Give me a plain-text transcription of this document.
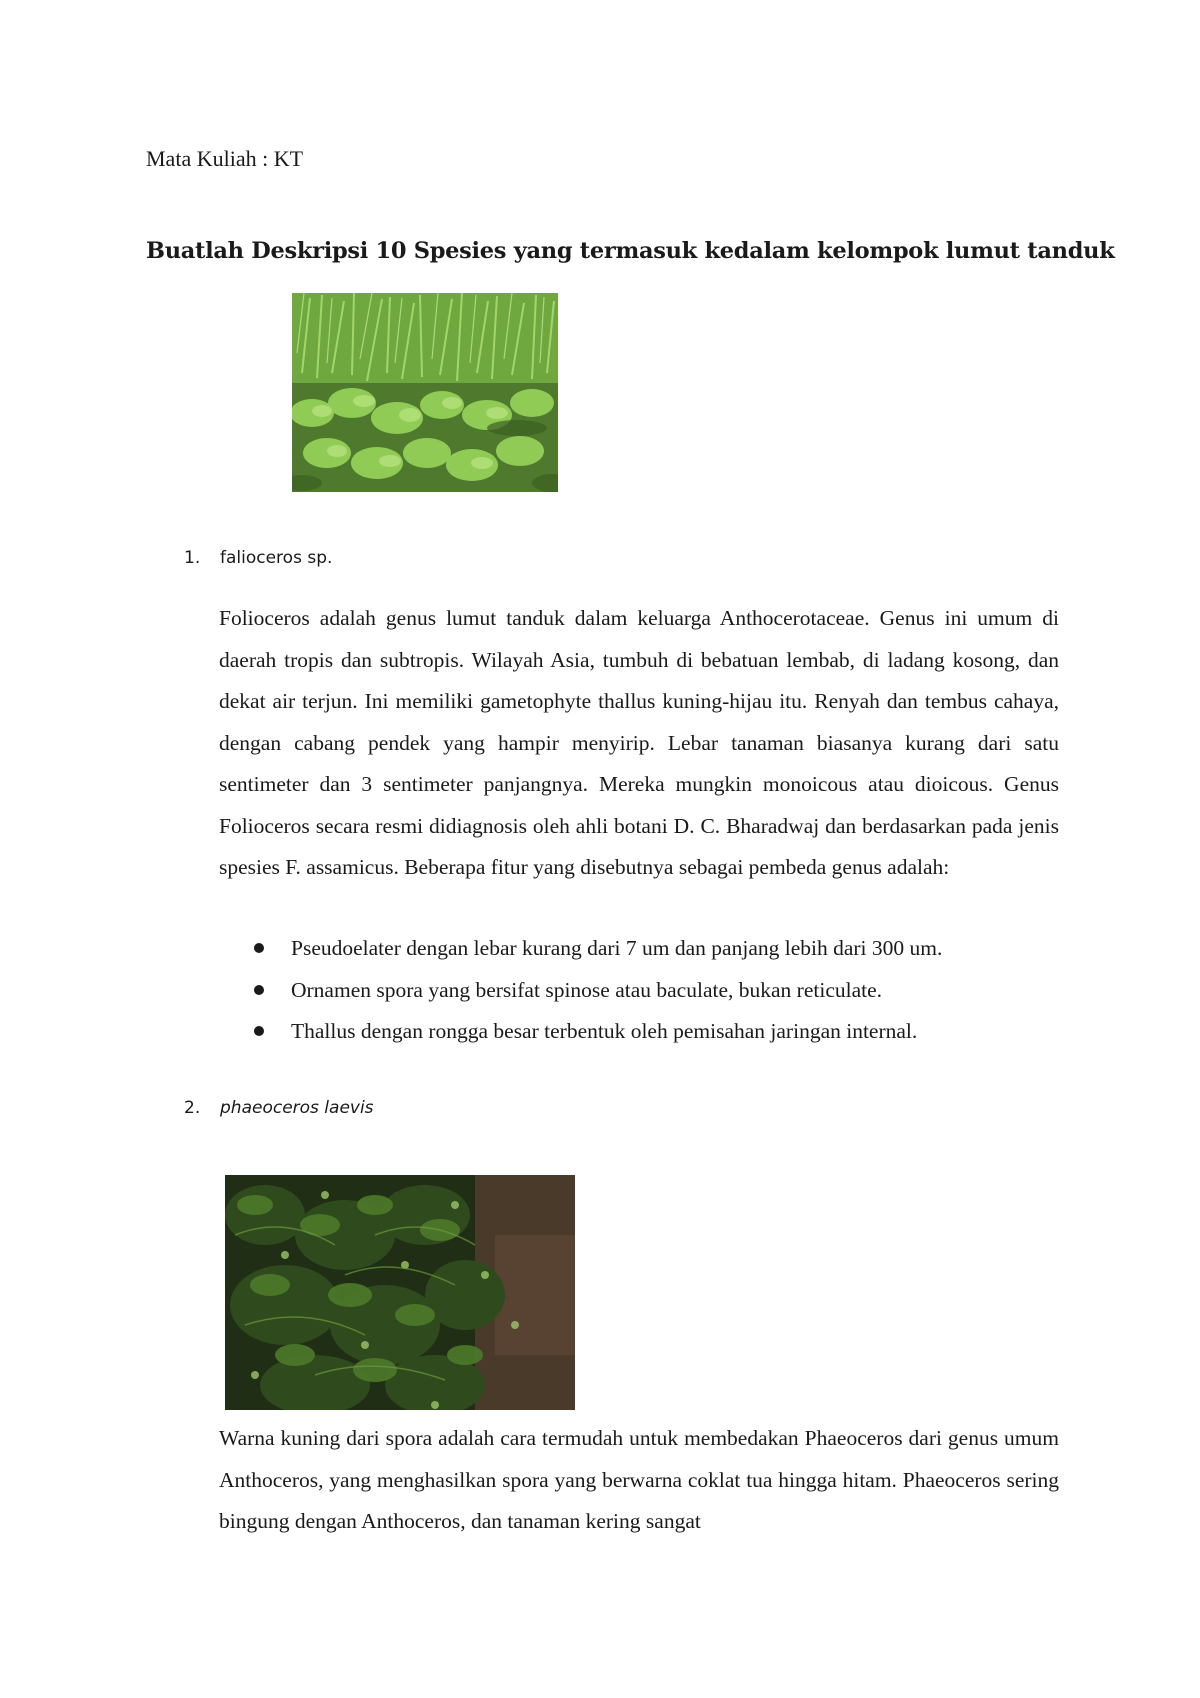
Mata Kuliah : KT
Buatlah Deskripsi 10 Spesies yang termasuk kedalam kelompok lumut tanduk
1. falioceros sp.

Folioceros adalah genus lumut tanduk dalam keluarga Anthocerotaceae. Genus ini umum di daerah tropis dan subtropis. Wilayah Asia, tumbuh di bebatuan lembab, di ladang kosong, dan dekat air terjun. Ini memiliki gametophyte thallus kuning-hijau itu. Renyah dan tembus cahaya, dengan cabang pendek yang hampir menyirip. Lebar tanaman biasanya kurang dari satu sentimeter dan 3 sentimeter panjangnya. Mereka mungkin monoicous atau dioicous. Genus Folioceros secara resmi didiagnosis oleh ahli botani D. C. Bharadwaj dan berdasarkan pada jenis spesies F. assamicus. Beberapa fitur yang disebutnya sebagai pembeda genus adalah:

Pseudoelater dengan lebar kurang dari 7 um dan panjang lebih dari 300 um.
Ornamen spora yang bersifat spinose atau baculate, bukan reticulate.
Thallus dengan rongga besar terbentuk oleh pemisahan jaringan internal.
2. phaeoceros laevis

Warna kuning dari spora adalah cara termudah untuk membedakan Phaeoceros dari genus umum Anthoceros, yang menghasilkan spora yang berwarna coklat tua hingga hitam. Phaeoceros sering bingung dengan Anthoceros, dan tanaman kering sangat
